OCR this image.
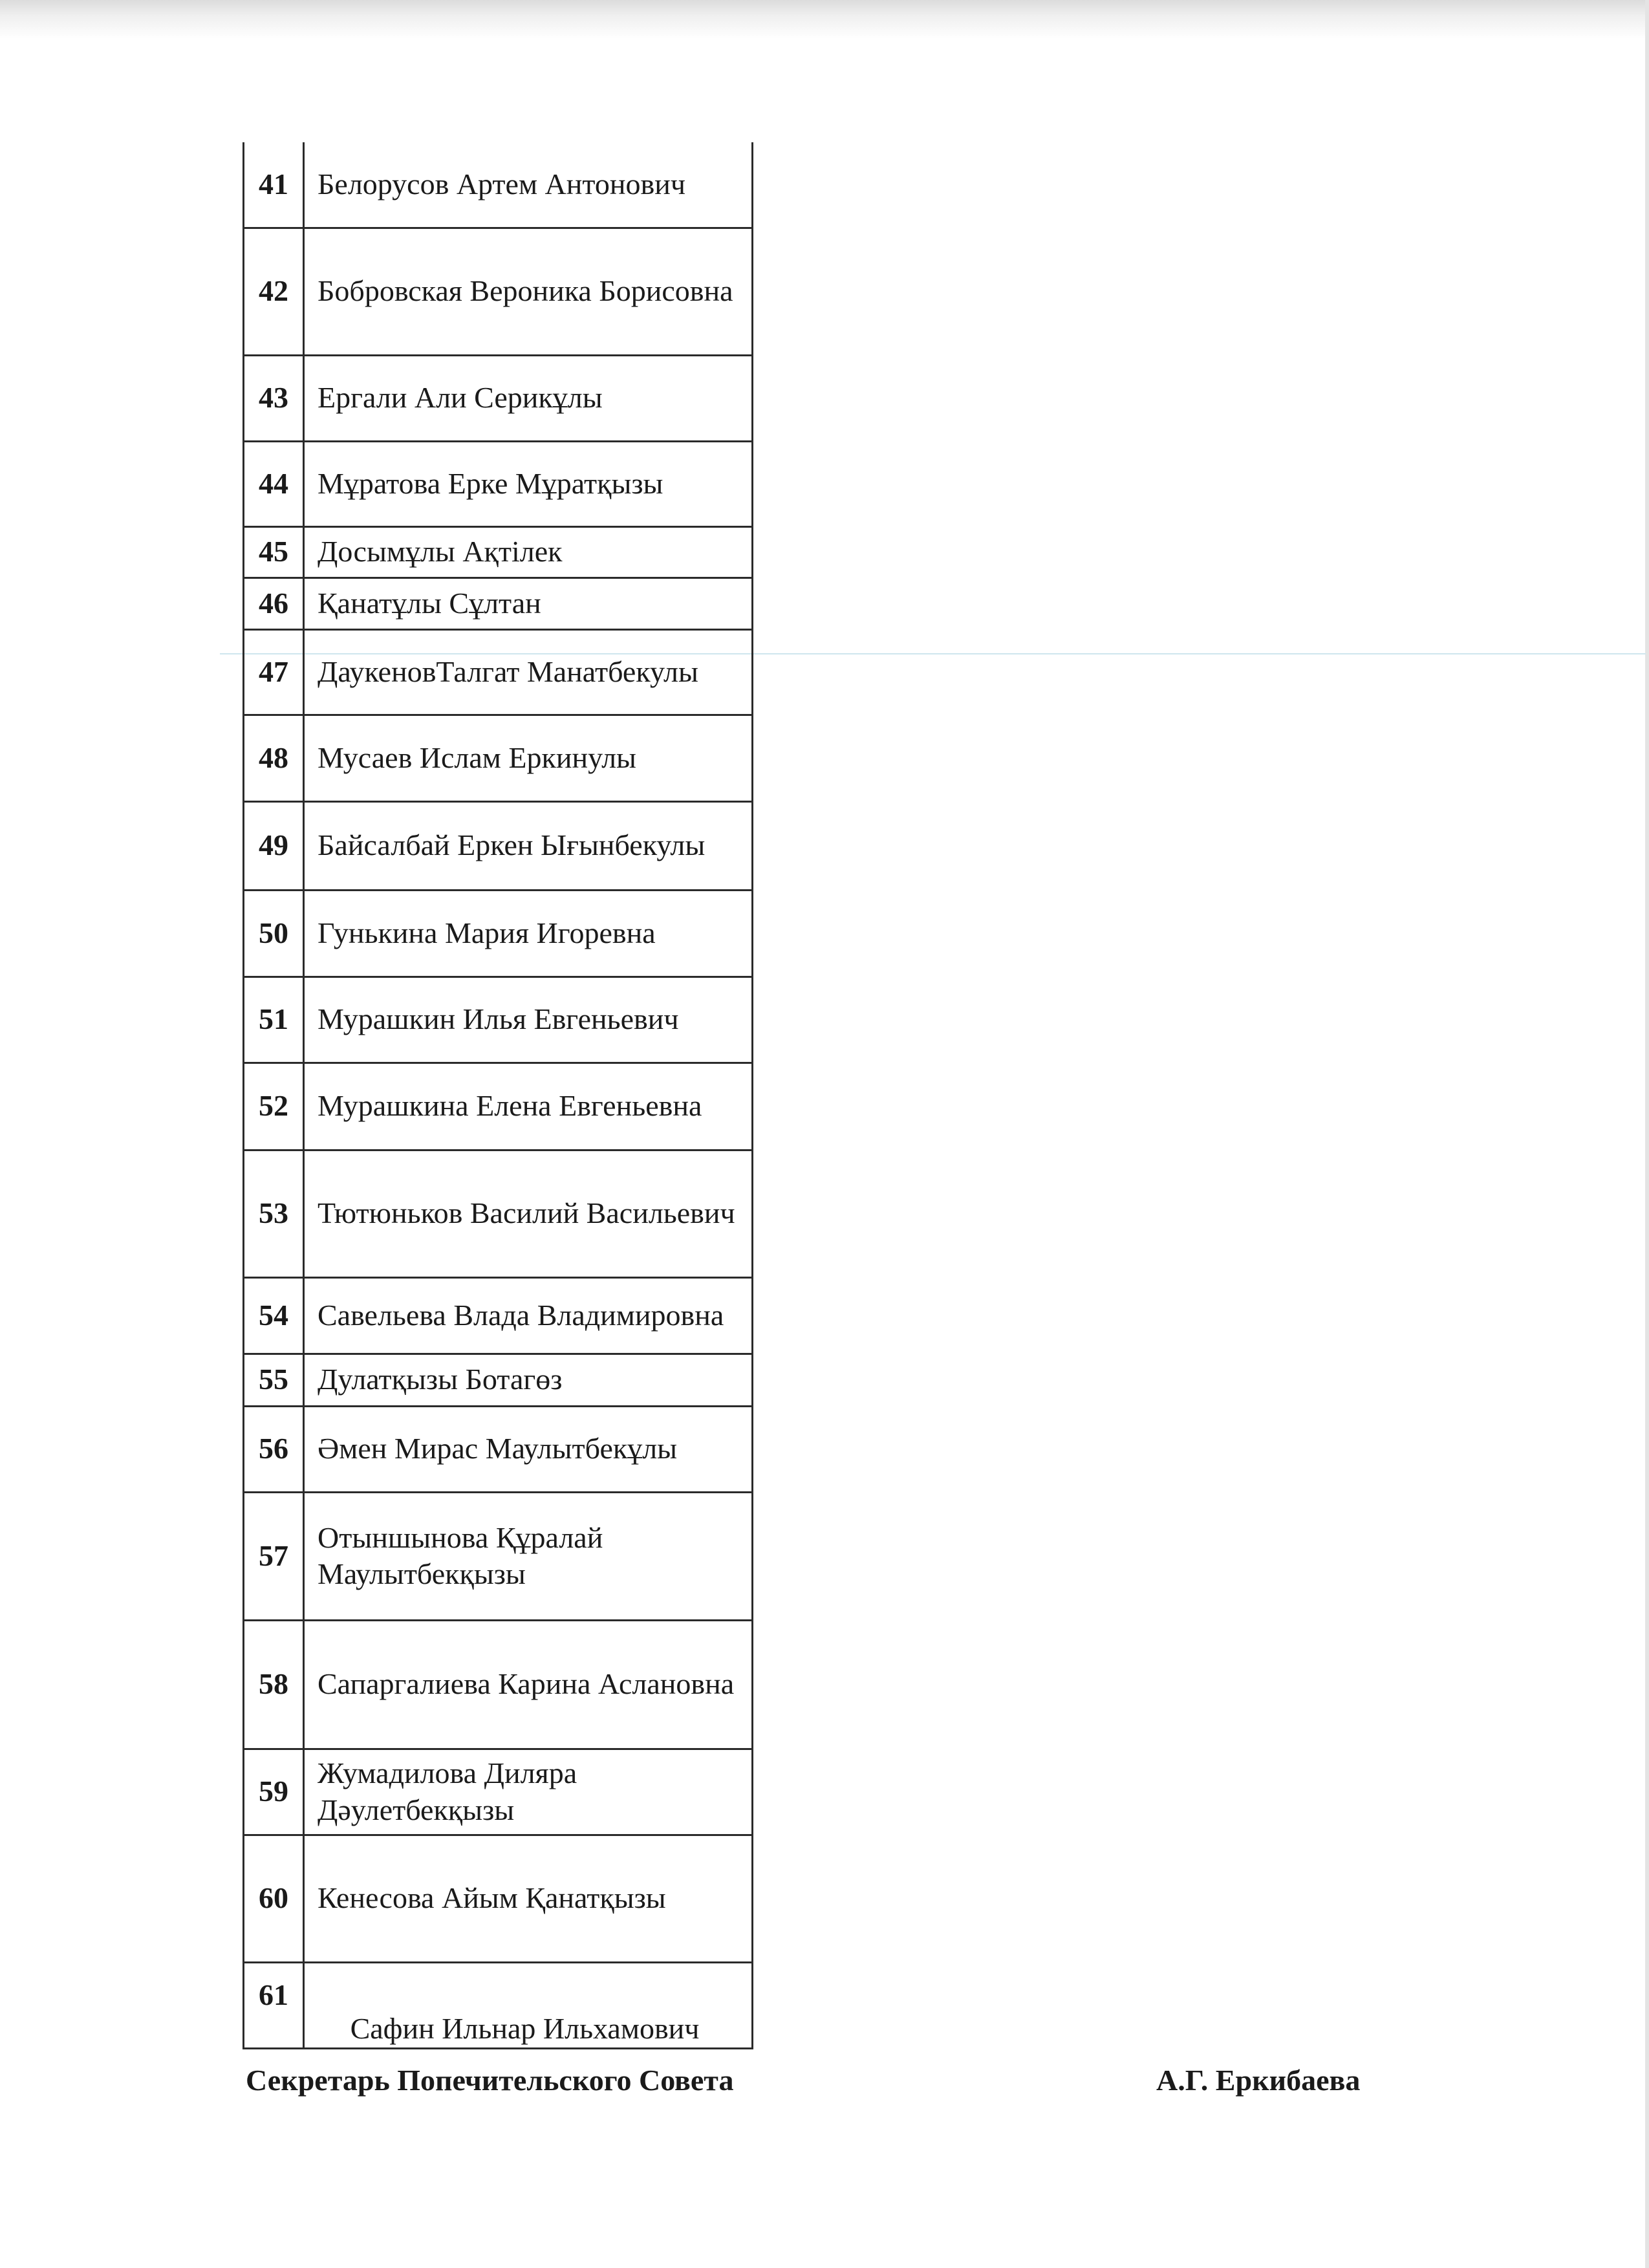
41	Белорусов Артем Антонович
42	Бобровская Вероника Борисовна
43	Ергали Али Серикұлы
44	Мұратова Ерке Мұратқызы
45	Досымұлы Ақтілек
46	Қанатұлы Сұлтан
47	ДаукеновТалгат Манатбекулы
48	Мусаев Ислам Еркинулы
49	Байсалбай Еркен Ығынбекулы
50	Гунькина Мария Игоревна
51	Мурашкин Илья Евгеньевич
52	Мурашкина Елена Евгеньевна
53	Тютюньков Василий Васильевич
54	Савельева Влада Владимировна
55	Дулатқызы Ботагөз
56	Әмен Мирас Маулытбекұлы
57	Отыншынова Құралай Маулытбекқызы
58	Сапаргалиева Карина Аслановна
59	Жумадилова Диляра Дәулетбекқызы
60	Кенесова Айым Қанатқызы
61	Сафин Ильнар Ильхамович
Секретарь Попечительского Совета	А.Г. Еркибаева
